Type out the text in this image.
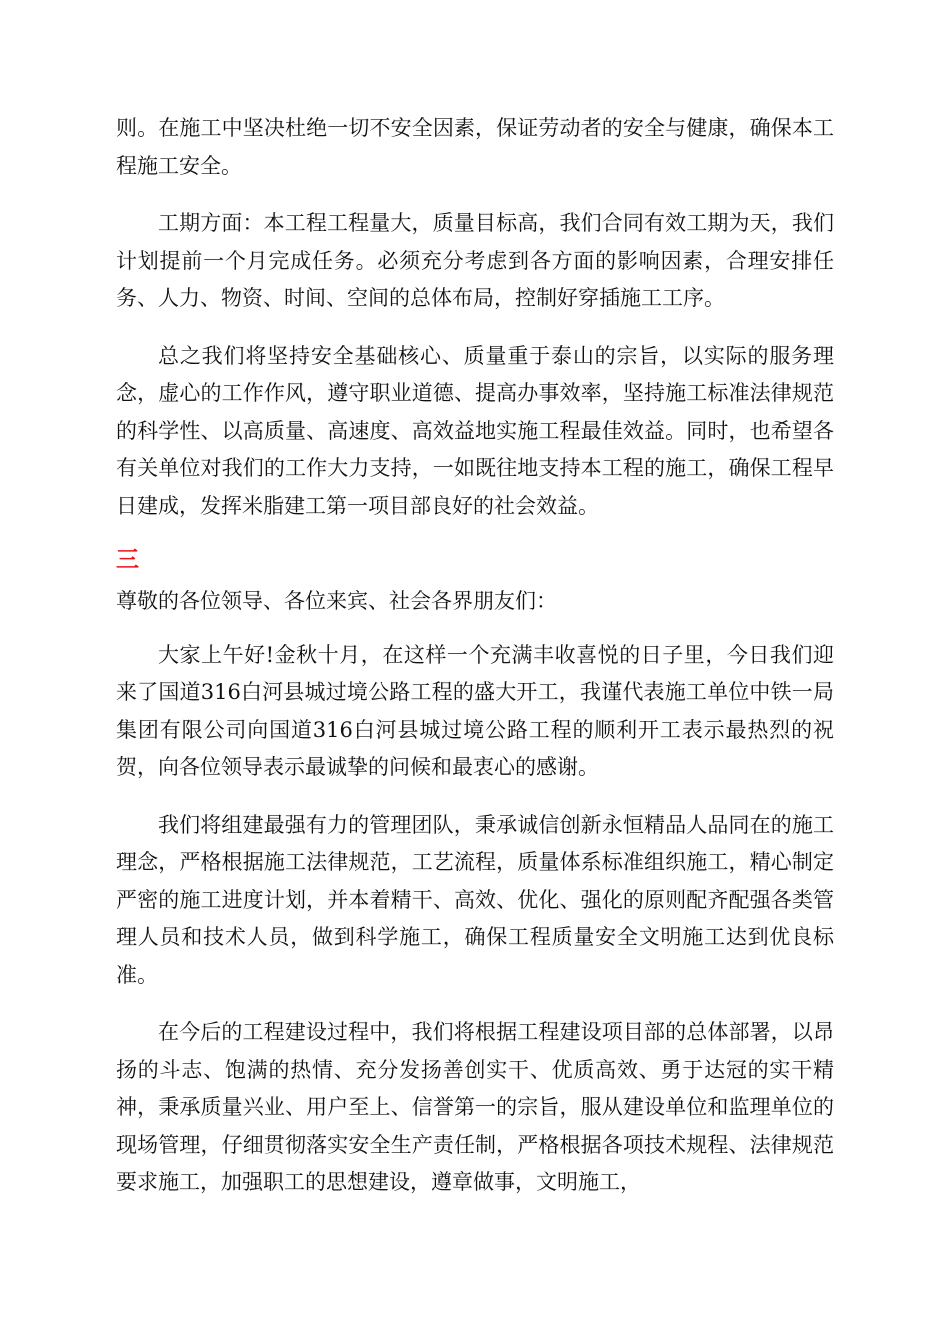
则。在施工中坚决杜绝一切不安全因素，保证劳动者的安全与健康，确保本工程施工安全。

工期方面：本工程工程量大，质量目标高，我们合同有效工期为天，我们计划提前一个月完成任务。必须充分考虑到各方面的影响因素，合理安排任务、人力、物资、时间、空间的总体布局，控制好穿插施工工序。

总之我们将坚持安全基础核心、质量重于泰山的宗旨，以实际的服务理念，虚心的工作作风，遵守职业道德、提高办事效率，坚持施工标准法律规范的科学性、以高质量、高速度、高效益地实施工程最佳效益。同时，也希望各有关单位对我们的工作大力支持，一如既往地支持本工程的施工，确保工程早日建成，发挥米脂建工第一项目部良好的社会效益。

三

尊敬的各位领导、各位来宾、社会各界朋友们：

大家上午好!金秋十月，在这样一个充满丰收喜悦的日子里，今日我们迎来了国道316白河县城过境公路工程的盛大开工，我谨代表施工单位中铁一局集团有限公司向国道316白河县城过境公路工程的顺利开工表示最热烈的祝贺，向各位领导表示最诚挚的问候和最衷心的感谢。

我们将组建最强有力的管理团队，秉承诚信创新永恒精品人品同在的施工理念，严格根据施工法律规范，工艺流程，质量体系标准组织施工，精心制定严密的施工进度计划，并本着精干、高效、优化、强化的原则配齐配强各类管理人员和技术人员，做到科学施工，确保工程质量安全文明施工达到优良标准。

在今后的工程建设过程中，我们将根据工程建设项目部的总体部署，以昂扬的斗志、饱满的热情、充分发扬善创实干、优质高效、勇于达冠的实干精神，秉承质量兴业、用户至上、信誉第一的宗旨，服从建设单位和监理单位的现场管理，仔细贯彻落实安全生产责任制，严格根据各项技术规程、法律规范要求施工，加强职工的思想建设，遵章做事，文明施工，
